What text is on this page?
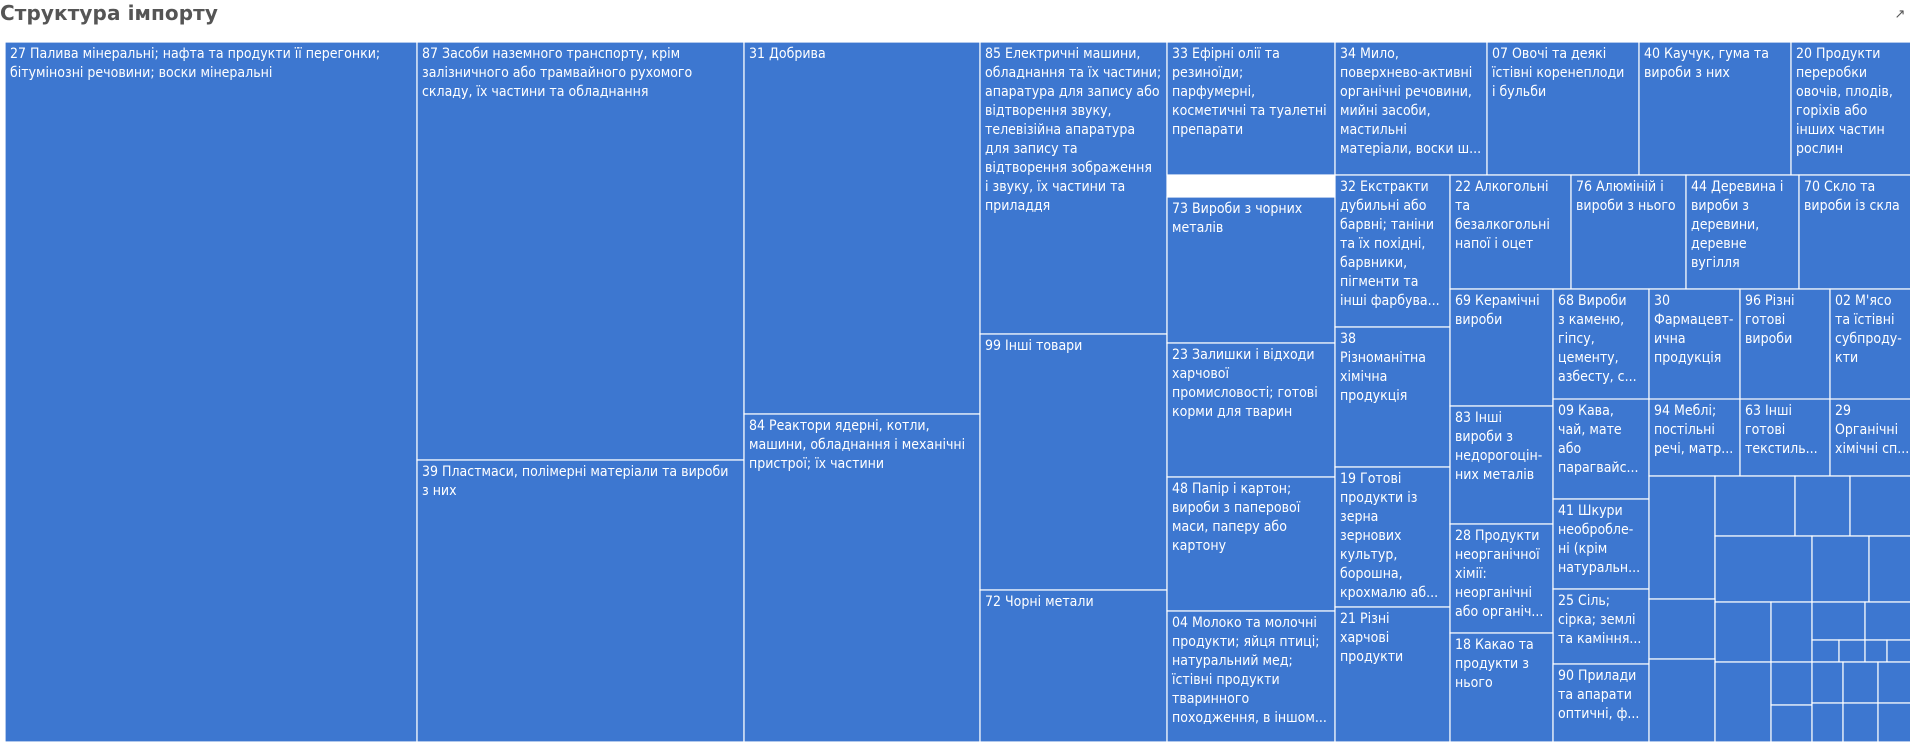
Структура імпорту	↗
27 Палива мінеральні; нафта та продукти її перегонки; бітумінозні речовини; воски мінеральні
87 Засоби наземного транспорту, крім залізничного або трамвайного рухомого складу, їх частини та обладнання
39 Пластмаси, полімерні матеріали та вироби з них
31 Добрива
84 Реактори ядерні, котли, машини, обладнання і механічні пристрої; їх частини
85 Електричні машини, обладнання та їх частини; апаратура для запису або відтворення звуку, телевізійна апаратура для запису та відтворення зображення і звуку, їх частини та приладдя
99 Інші товари
72 Чорні метали
33 Ефірні олії та резиноїди; парфумерні, косметичні та туалетні препарати
34 Мило, поверхнево-активні органічні речовини, мийні засоби, мастильні матеріали, воски ш...
07 Овочі та деякі їстівні коренеплоди і бульби
40 Каучук, гума та вироби з них
20 Продукти переробки овочів, плодів, горіхів або інших частин рослин
73 Вироби з чорних металів
23 Залишки і відходи харчової промисловості; готові корми для тварин
48 Папір і картон; вироби з паперової маси, паперу або картону
04 Молоко та молочні продукти; яйця птиці; натуральний мед; їстівні продукти тваринного походження, в іншом...
32 Екстракти дубильні або барвні; таніни та їх похідні, барвники, пігменти та інші фарбува...
22 Алкогольні та безалкогольні напої і оцет
76 Алюміній і вироби з нього
44 Деревина і вироби з деревини, деревне вугілля
70 Скло та вироби із скла
38 Різноманітна хімічна продукція
19 Готові продукти із зерна зернових культур, борошна, крохмалю аб...
21 Різні харчові продукти
69 Керамічні вироби
68 Вироби з каменю, гіпсу, цементу, азбесту, с...
30 Фармацевт-ична продукція
96 Різні готові вироби
02 М'ясо та їстівні субпроду-кти
83 Інші вироби з недорогоцін-них металів
09 Кава, чай, мате або парагвайс...
94 Меблі; постільні речі, матр...
63 Інші готові текстиль...
29 Органічні хімічні сп...
28 Продукти неорганічної хімії: неорганічні або органіч...
41 Шкури необробле-ні (крім натуральн...
25 Сіль; сірка; землі та каміння...
18 Какао та продукти з нього	90 Прилади та апарати оптичні, ф...
